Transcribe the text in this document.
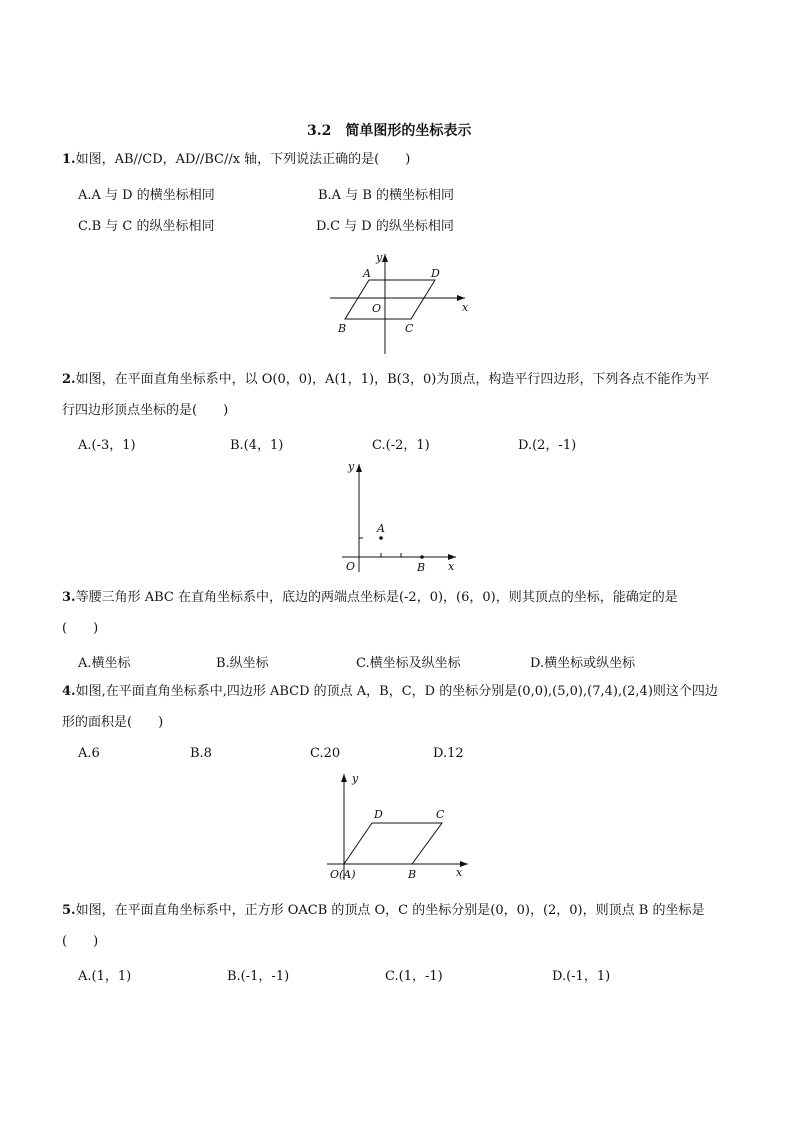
3.2　简单图形的坐标表示
1.如图，AB∕∕CD，AD∕∕BC∕∕x 轴，下列说法正确的是(　　)
A.A 与 D 的横坐标相同	B.A 与 B 的横坐标相同
C.B 与 C 的纵坐标相同	D.C 与 D 的纵坐标相同
y
x
O
A	D
B	C
2.如图，在平面直角坐标系中，以 O(0，0)，A(1，1)，B(3，0)为顶点，构造平行四边形，下列各点不能作为平
行四边形顶点坐标的是(　　)
A.(-3，1)	B.(4，1)	C.(-2，1)	D.(2，-1)
y
x
O
A
B
3.等腰三角形 ABC 在直角坐标系中，底边的两端点坐标是(-2，0)，(6，0)，则其顶点的坐标，能确定的是
(　　)
A.横坐标	B.纵坐标	C.横坐标及纵坐标	D.横坐标或纵坐标
4.如图,在平面直角坐标系中,四边形 ABCD 的顶点 A，B，C，D 的坐标分别是(0,0),(5,0),(7,4),(2,4)则这个四边
形的面积是(　　)
A.6	B.8	C.20	D.12
y
x
O(A)	B
C
D
5.如图，在平面直角坐标系中，正方形 OACB 的顶点 O，C 的坐标分别是(0，0)，(2，0)，则顶点 B 的坐标是
(　　)
A.(1，1)	B.(-1，-1)	C.(1，-1)	D.(-1，1)
